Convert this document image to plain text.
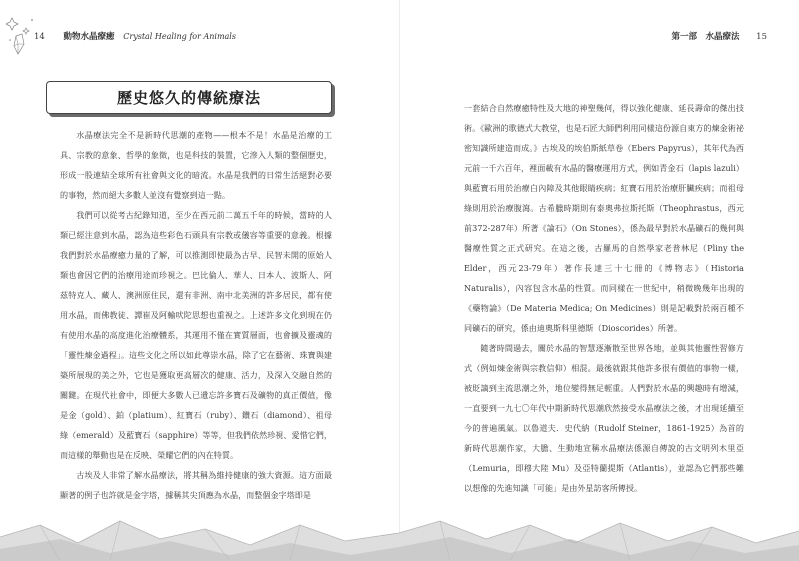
14 動物水晶療癒 Crystal Healing for Animals
歷史悠久的傳統療法

水晶療法完全不是新時代思潮的產物——根本不是！水晶是治療的工具、宗教的意象、哲學的象徵，也是科技的裝置，它滲入人類的整個歷史，形成一股連結全球所有社會與文化的暗流。水晶是我們的日常生活絕對必要的事物，然而絕大多數人並沒有覺察到這一點。

我們可以從考古紀錄知道，至少在西元前二萬五千年的時候，當時的人類已經注意到水晶，認為這些彩色石頭具有宗教或儀容等重要的意義。根據我們對於水晶療癒力量的了解，可以推測即使最為古早、民智未開的原始人類也會因它們的治療用途而珍視之。巴比倫人、華人、日本人、波斯人、阿茲特克人、藏人、澳洲原住民，還有非洲、南中北美洲的許多居民，都有使用水晶，而佛教徒、譚崔及阿輸吠陀思想也重視之。上述許多文化到現在仍有使用水晶的高度進化治療體系，其運用不僅在實質層面，也會擴及靈魂的「靈性煉金過程」。這些文化之所以如此尊崇水晶，除了它在藝術、珠寶與建築所展現的美之外，它也是獲取更高層次的健康、活力，及深入交融自然的關鍵。在現代社會中，即便大多數人已遺忘許多寶石及礦物的真正價值，像是金（gold）、鉑（platium）、紅寶石（ruby）、鑽石（diamond）、祖母綠（emerald）及藍寶石（sapphire）等等，但我們依然珍視、愛惜它們，而這樣的舉動也是在反映、榮耀它們的內在特質。

古埃及人非常了解水晶療法，將其稱為維持健康的強大資源。這方面最顯著的例子也許就是金字塔，據稱其尖頂應為水晶，而整個金字塔即是

第一部　水晶療法 15

一套結合自然療癒特性及大地的神聖幾何，得以強化健康、延長壽命的傑出技術。《歐洲的歌德式大教堂，也是石匠大師們利用同樣這份源自東方的煉金術祕密知識所建造而成。》古埃及的埃伯斯紙草卷（Ebers Papyrus），其年代為西元前一千六百年，裡面載有水晶的醫療運用方式，例如青金石（lapis lazuli）與藍寶石用於治療白內障及其他眼睛疾病；紅寶石用於治療肝臟疾病；而祖母綠則用於治療腹瀉。古希臘時期則有泰奧弗拉斯托斯（Theophrastus，西元前372-287年）所著《論石》（On Stones），係為最早對於水晶礦石的幾何與醫療性質之正式研究。在這之後，古羅馬的自然學家老普林尼（Pliny the Elder，西元23-79年）著作長達三十七冊的《博物志》（Historia Naturalis），內容包含水晶的性質。而同樣在一世紀中，稍微晚幾年出現的《藥物論》（De Materia Medica; On Medicines）則是記載對於兩百種不同礦石的研究，係由迪奧斯科里德斯（Dioscorides）所著。

隨著時間過去，關於水晶的智慧逐漸散至世界各地，並與其他靈性習修方式（例如煉金術與宗教信仰）相混。最後就跟其他許多很有價值的事物一樣，被貶謫到主流思潮之外，地位變得無足輕重。人們對於水晶的興趣時有增減，一直要到一九七〇年代中期新時代思潮欣然接受水晶療法之後，才出現延續至今的普遍風氣。以魯道夫．史代納（Rudolf Steiner，1861-1925）為首的新時代思潮作家，大膽、生動地宣稱水晶療法係源自傳說的古文明列木里亞（Lemuria，即穆大陸 Mu）及亞特蘭提斯（Atlantis），並認為它們那些難以想像的先進知識「可能」是由外星訪客所傳授。
